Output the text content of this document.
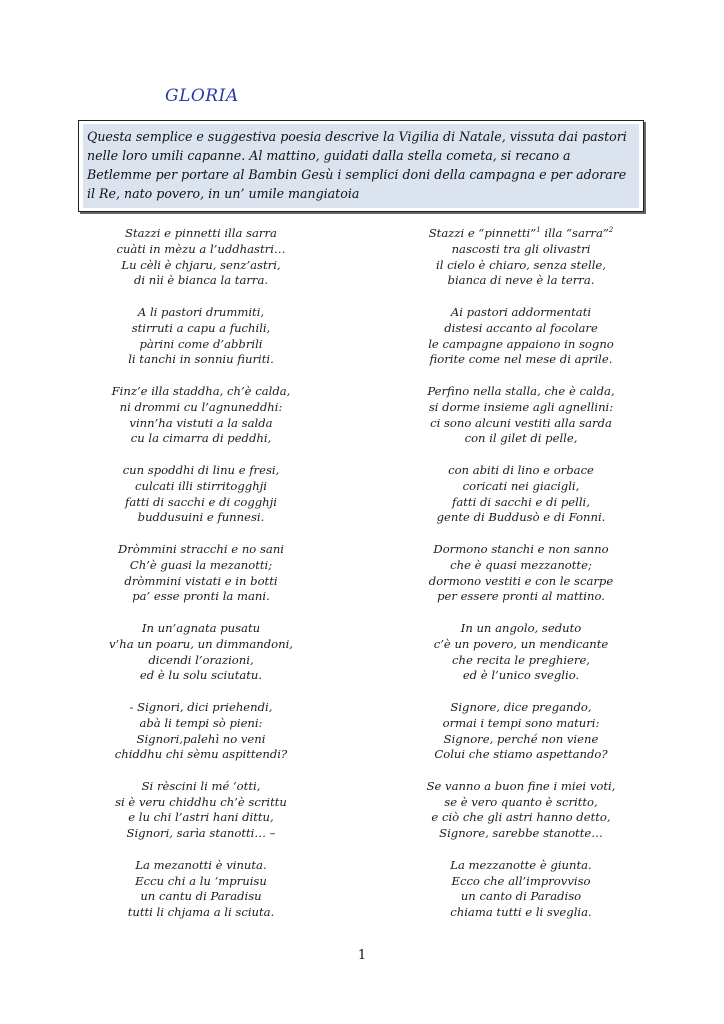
GLORIA
Questa semplice e suggestiva poesia descrive la Vigilia di Natale, vissuta dai pastori nelle loro umili capanne. Al mattino, guidati dalla stella cometa, si recano a Betlemme per portare al Bambin Gesù i semplici doni della campagna e per adorare il Re, nato povero, in un’ umile mangiatoia
Stazzi e pinnetti illa sarra
cuàti in mèzu a l’uddhastri…
Lu cèli è chjaru, senz’astri,
di nìi è bianca la tarra.
A li pastori drummiti,
stirruti a capu a fuchili,
pàrini come d’abbrili
li tanchi in sonniu fiuriti.
Finz’e illa staddha, ch’è calda,
ni drommi cu l’agnuneddhi:
vinn’ha vistuti a la salda
cu la cimarra di peddhi,
cun spoddhi di linu e fresi,
culcati illi stirritogghji
fatti di sacchi e di cogghji
buddusuini e funnesi.
Dròmmini stracchi e no sani
Ch’è guasi la mezanotti;
dròmmini vistati e in botti
pa’ esse pronti la mani.
In un’agnata pusatu
v’ha un poaru, un dimmandoni,
dicendi l’orazioni,
ed è lu solu sciutatu.
- Signori, dici priehendi,
abà li tempi sò pieni:
Signori,palehì no veni
chiddhu chi sèmu aspittendi?
Si rèscini li mé ‘otti,
si è veru chiddhu ch’è scrittu
e lu chi l’astri hani dittu,
Signori, sarìa stanotti… –
La mezanotti è vinuta.
Eccu chi a lu ‘mpruisu
un cantu di Paradisu
tutti li chjama a li sciuta.
Stazzi e “pinnetti”$^1$ illa “sarra”$^2$
nascosti tra gli olivastri
il cielo è chiaro, senza stelle,
bianca di neve è la terra.
Ai pastori addormentati
distesi accanto al focolare
le campagne appaiono in sogno
fiorite come nel mese di aprile.
Perfino nella stalla, che è calda,
si dorme insieme agli agnellini:
ci sono alcuni vestiti alla sarda
con il gilet di pelle,
con abiti di lino e orbace
coricati nei giacigli,
fatti di sacchi e di pelli,
gente di Buddusò e di Fonni.
Dormono stanchi e non sanno
che è quasi mezzanotte;
dormono vestiti e con le scarpe
per essere pronti al mattino.
In un angolo, seduto
c’è un povero, un mendicante
che recita le preghiere,
ed è l’unico sveglio.
Signore, dice pregando,
ormai i tempi sono maturi:
Signore, perché non viene
Colui che stiamo aspettando?
Se vanno a buon fine i miei voti,
se è vero quanto è scritto,
e ciò che gli astri hanno detto,
Signore, sarebbe stanotte…
La mezzanotte è giunta.
Ecco che all’improvviso
un canto di Paradiso
chiama tutti e li sveglia.
1
